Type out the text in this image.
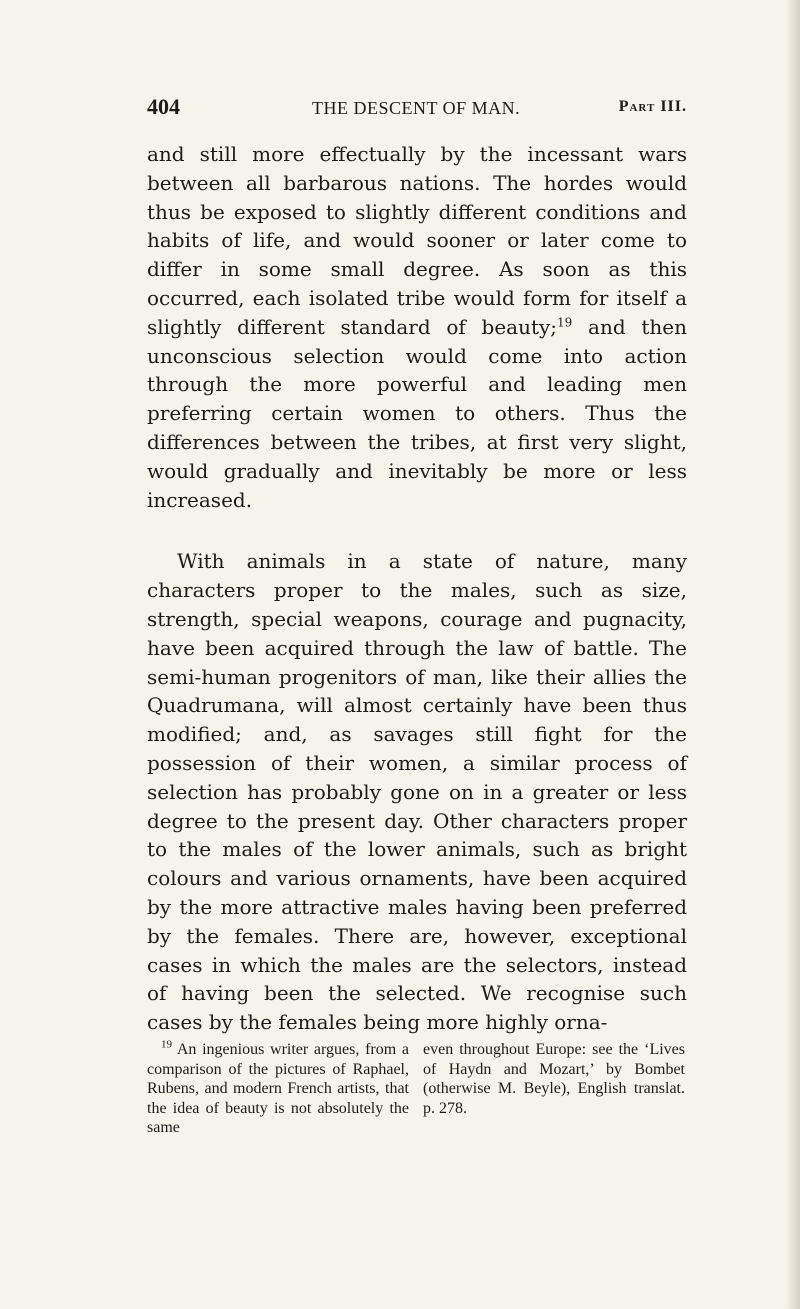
404	THE DESCENT OF MAN.	Part III.

and still more effectually by the incessant wars between all barbarous nations. The hordes would thus be exposed to slightly different conditions and habits of life, and would sooner or later come to differ in some small degree. As soon as this occurred, each isolated tribe would form for itself a slightly different standard of beauty;$^{19}$ and then unconscious selection would come into action through the more powerful and leading men preferring certain women to others. Thus the differences between the tribes, at first very slight, would gradually and inevitably be more or less increased.

With animals in a state of nature, many characters proper to the males, such as size, strength, special weapons, courage and pugnacity, have been acquired through the law of battle. The semi-human progenitors of man, like their allies the Quadrumana, will almost certainly have been thus modified; and, as savages still fight for the possession of their women, a similar process of selection has probably gone on in a greater or less degree to the present day. Other characters proper to the males of the lower animals, such as bright colours and various ornaments, have been acquired by the more attractive males having been preferred by the females. There are, however, exceptional cases in which the males are the selectors, instead of having been the selected. We recognise such cases by the females being more highly orna-

$^{19}$ An ingenious writer argues, from a comparison of the pictures of Raphael, Rubens, and modern French artists, that the idea of beauty is not absolutely the same
even throughout Europe: see the ‘Lives of Haydn and Mozart,’ by Bombet (otherwise M. Beyle), English translat. p. 278.
